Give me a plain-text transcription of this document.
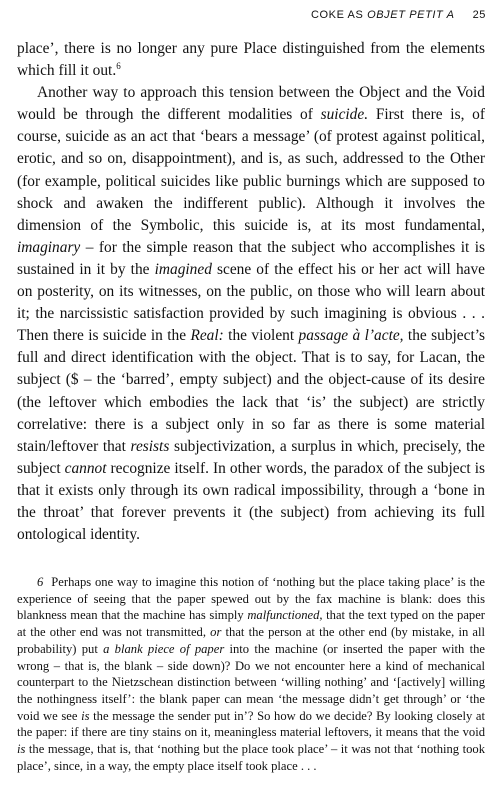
COKE AS OBJET PETIT A 25

place’, there is no longer any pure Place distinguished from the elements which fill it out.$^6$

Another way to approach this tension between the Object and the Void would be through the different modalities of suicide. First there is, of course, suicide as an act that ‘bears a message’ (of protest against political, erotic, and so on, disappointment), and is, as such, addressed to the Other (for example, political suicides like public burnings which are supposed to shock and awaken the indifferent public). Although it involves the dimension of the Symbolic, this suicide is, at its most fundamental, imaginary – for the simple reason that the subject who accomplishes it is sustained in it by the imagined scene of the effect his or her act will have on posterity, on its witnesses, on the public, on those who will learn about it; the narcissistic satisfaction provided by such imagining is obvious . . . Then there is suicide in the Real: the violent passage à l’acte, the subject’s full and direct identification with the object. That is to say, for Lacan, the subject ($ – the ‘barred’, empty subject) and the object-cause of its desire (the leftover which embodies the lack that ‘is’ the subject) are strictly correlative: there is a subject only in so far as there is some material stain/leftover that resists subjectivization, a surplus in which, precisely, the subject cannot recognize itself. In other words, the paradox of the subject is that it exists only through its own radical impossibility, through a ‘bone in the throat’ that forever prevents it (the subject) from achieving its full ontological identity.

6 Perhaps one way to imagine this notion of ‘nothing but the place taking place’ is the experience of seeing that the paper spewed out by the fax machine is blank: does this blankness mean that the machine has simply malfunctioned, that the text typed on the paper at the other end was not transmitted, or that the person at the other end (by mistake, in all probability) put a blank piece of paper into the machine (or inserted the paper with the wrong – that is, the blank – side down)? Do we not encounter here a kind of mechanical counterpart to the Nietzschean distinction between ‘willing nothing’ and ‘[actively] willing the nothingness itself’: the blank paper can mean ‘the message didn’t get through’ or ‘the void we see is the message the sender put in’? So how do we decide? By looking closely at the paper: if there are tiny stains on it, meaningless material leftovers, it means that the void is the message, that is, that ‘nothing but the place took place’ – it was not that ‘nothing took place’, since, in a way, the empty place itself took place . . .
